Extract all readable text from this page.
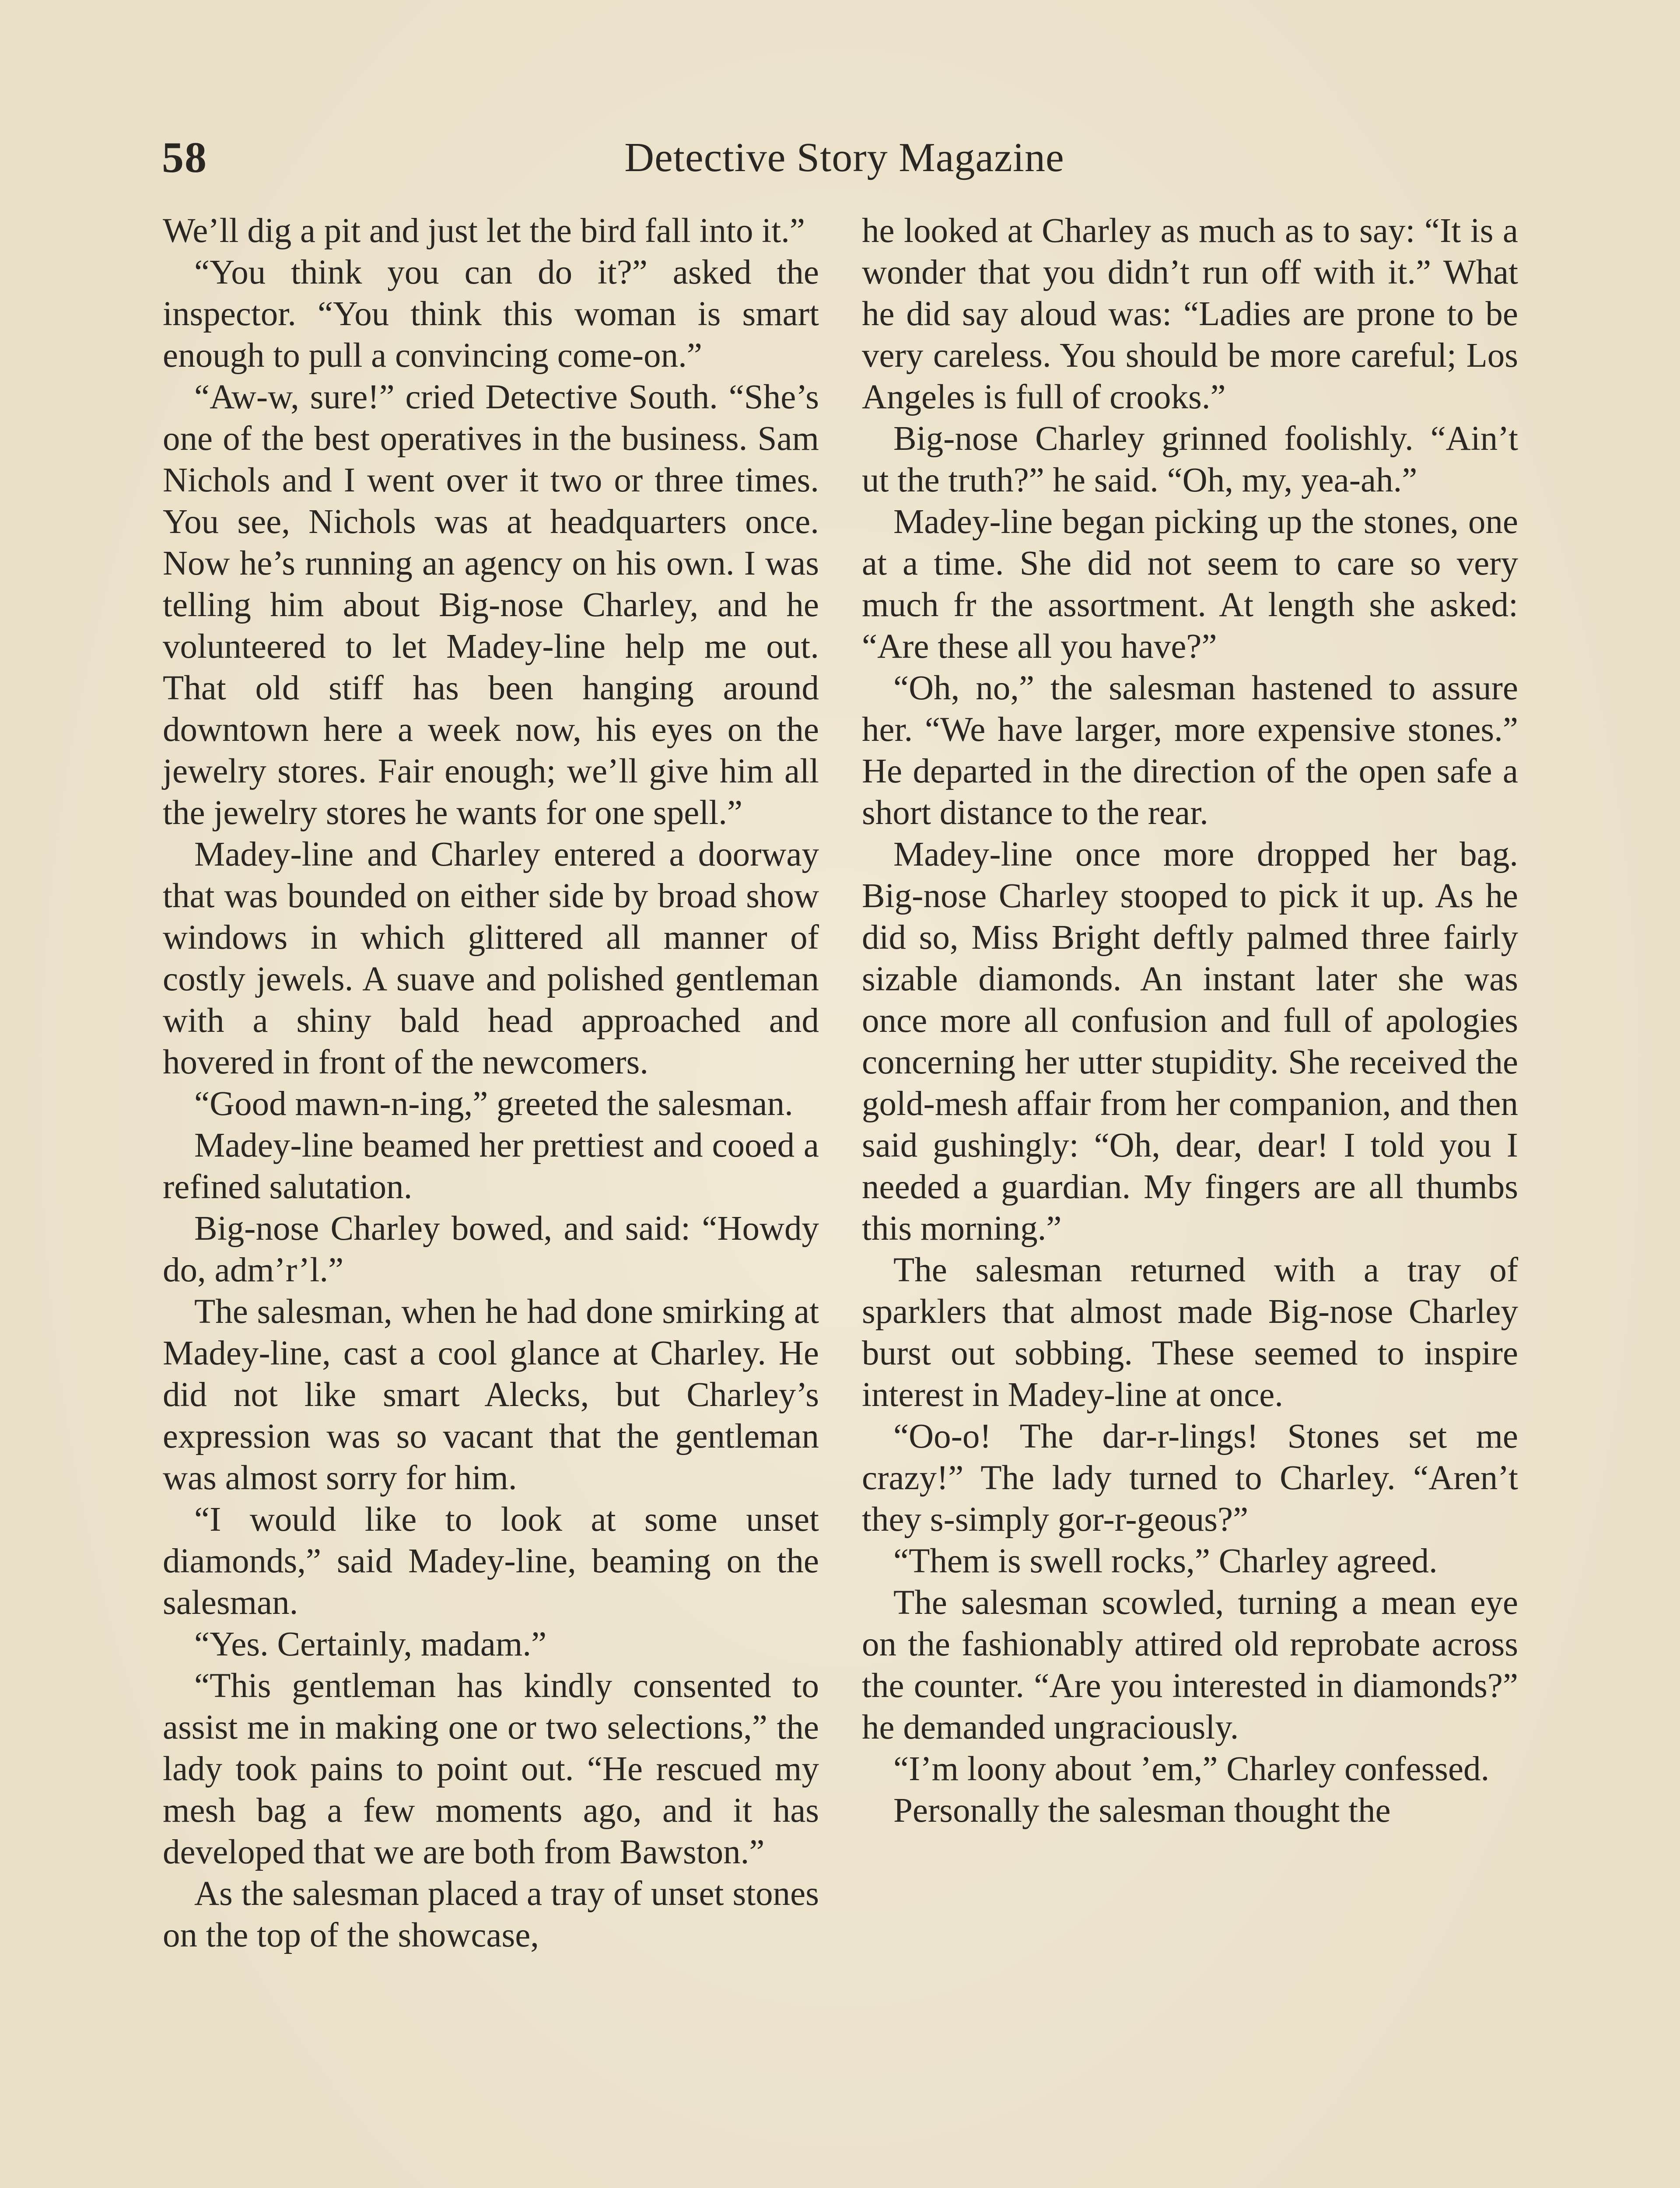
58	Detective Story Magazine

We’ll dig a pit and just let the bird fall into it.”

“You think you can do it?” asked the inspector. “You think this woman is smart enough to pull a convincing come-on.”

“Aw-w, sure!” cried Detective South. “She’s one of the best operatives in the business. Sam Nichols and I went over it two or three times. You see, Nichols was at headquarters once. Now he’s running an agency on his own. I was telling him about Big-nose Charley, and he volunteered to let Madey-line help me out. That old stiff has been hanging around downtown here a week now, his eyes on the jewelry stores. Fair enough; we’ll give him all the jewelry stores he wants for one spell.”

Madey-line and Charley entered a doorway that was bounded on either side by broad show windows in which glittered all manner of costly jewels. A suave and polished gentleman with a shiny bald head approached and hovered in front of the newcomers.

“Good mawn-n-ing,” greeted the salesman.

Madey-line beamed her prettiest and cooed a refined salutation.

Big-nose Charley bowed, and said: “Howdy do, adm’r’l.”

The salesman, when he had done smirking at Madey-line, cast a cool glance at Charley. He did not like smart Alecks, but Charley’s expression was so vacant that the gentleman was almost sorry for him.

“I would like to look at some unset diamonds,” said Madey-line, beaming on the salesman.

“Yes. Certainly, madam.”

“This gentleman has kindly consented to assist me in making one or two selections,” the lady took pains to point out. “He rescued my mesh bag a few moments ago, and it has developed that we are both from Bawston.”

As the salesman placed a tray of unset stones on the top of the showcase,

he looked at Charley as much as to say: “It is a wonder that you didn’t run off with it.” What he did say aloud was: “Ladies are prone to be very careless. You should be more careful; Los Angeles is full of crooks.”

Big-nose Charley grinned foolishly. “Ain’t ut the truth?” he said. “Oh, my, yea-ah.”

Madey-line began picking up the stones, one at a time. She did not seem to care so very much fr the assortment. At length she asked: “Are these all you have?”

“Oh, no,” the salesman hastened to assure her. “We have larger, more expensive stones.” He departed in the direction of the open safe a short distance to the rear.

Madey-line once more dropped her bag. Big-nose Charley stooped to pick it up. As he did so, Miss Bright deftly palmed three fairly sizable diamonds. An instant later she was once more all confusion and full of apologies concerning her utter stupidity. She received the gold-mesh affair from her companion, and then said gushingly: “Oh, dear, dear! I told you I needed a guardian. My fingers are all thumbs this morning.”

The salesman returned with a tray of sparklers that almost made Big-nose Charley burst out sobbing. These seemed to inspire interest in Madey-line at once.

“Oo-o! The dar-r-lings! Stones set me crazy!” The lady turned to Charley. “Aren’t they s-simply gor-r-geous?”

“Them is swell rocks,” Charley agreed.

The salesman scowled, turning a mean eye on the fashionably attired old reprobate across the counter. “Are you interested in diamonds?” he demanded ungraciously.

“I’m loony about ’em,” Charley confessed.

Personally the salesman thought the
